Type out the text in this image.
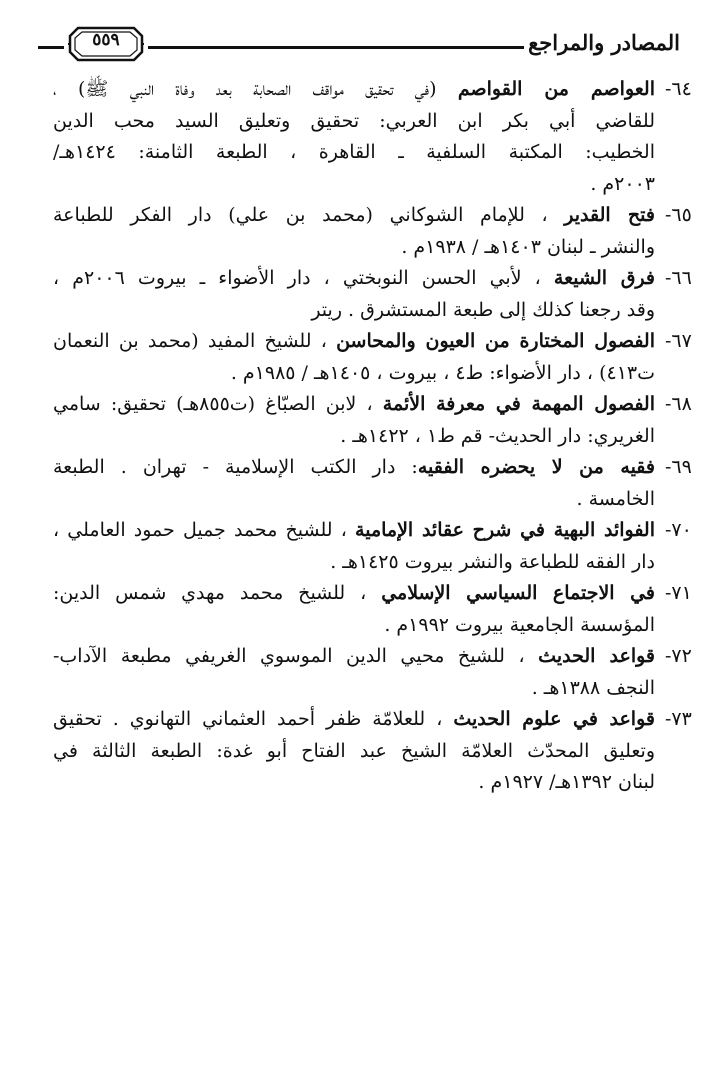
المصادر والمراجع
٥٥٩
٦٤-

العواصم من القواصم (في تحقيق مواقف الصحابة بعد وفاة النبي ﷺ) ،

للقاضي أبي بكر ابن العربي: تحقيق وتعليق السيد محب الدين

الخطيب: المكتبة السلفية ـ القاهرة ، الطبعة الثامنة: ١٤٢٤هـ/

٢٠٠٣م .

٦٥-

فتح القدير ، للإمام الشوكاني (محمد بن علي) دار الفكر للطباعة

والنشر ـ لبنان ١٤٠٣هـ / ١٩٣٨م .

٦٦-

فرق الشيعة ، لأبي الحسن النوبختي ، دار الأضواء ـ بيروت ٢٠٠٦م ،

وقد رجعنا كذلك إلى طبعة المستشرق . ريتر

٦٧-

الفصول المختارة من العيون والمحاسن ، للشيخ المفيد (محمد بن النعمان

ت٤١٣) ، دار الأضواء: ط٤ ، بيروت ، ١٤٠٥هـ / ١٩٨٥م .

٦٨-

الفصول المهمة في معرفة الأئمة ، لابن الصبّاغ (ت٨٥٥هـ) تحقيق: سامي

الغريري: دار الحديث- قم ط١ ، ١٤٢٢هـ .

٦٩-

فقيه من لا يحضره الفقيه: دار الكتب الإسلامية - تهران . الطبعة

الخامسة .

٧٠-

الفوائد البهية في شرح عقائد الإمامية ، للشيخ محمد جميل حمود العاملي ،

دار الفقه للطباعة والنشر بيروت ١٤٢٥هـ .

٧١-

في الاجتماع السياسي الإسلامي ، للشيخ محمد مهدي شمس الدين:

المؤسسة الجامعية بيروت ١٩٩٢م .

٧٢-

قواعد الحديث ، للشيخ محيي الدين الموسوي الغريفي مطبعة الآداب-

النجف ١٣٨٨هـ .

٧٣-

قواعد في علوم الحديث ، للعلامّة ظفر أحمد العثماني التهانوي . تحقيق

وتعليق المحدّث العلامّة الشيخ عبد الفتاح أبو غدة: الطبعة الثالثة في

لبنان ١٣٩٢هـ/ ١٩٢٧م .
